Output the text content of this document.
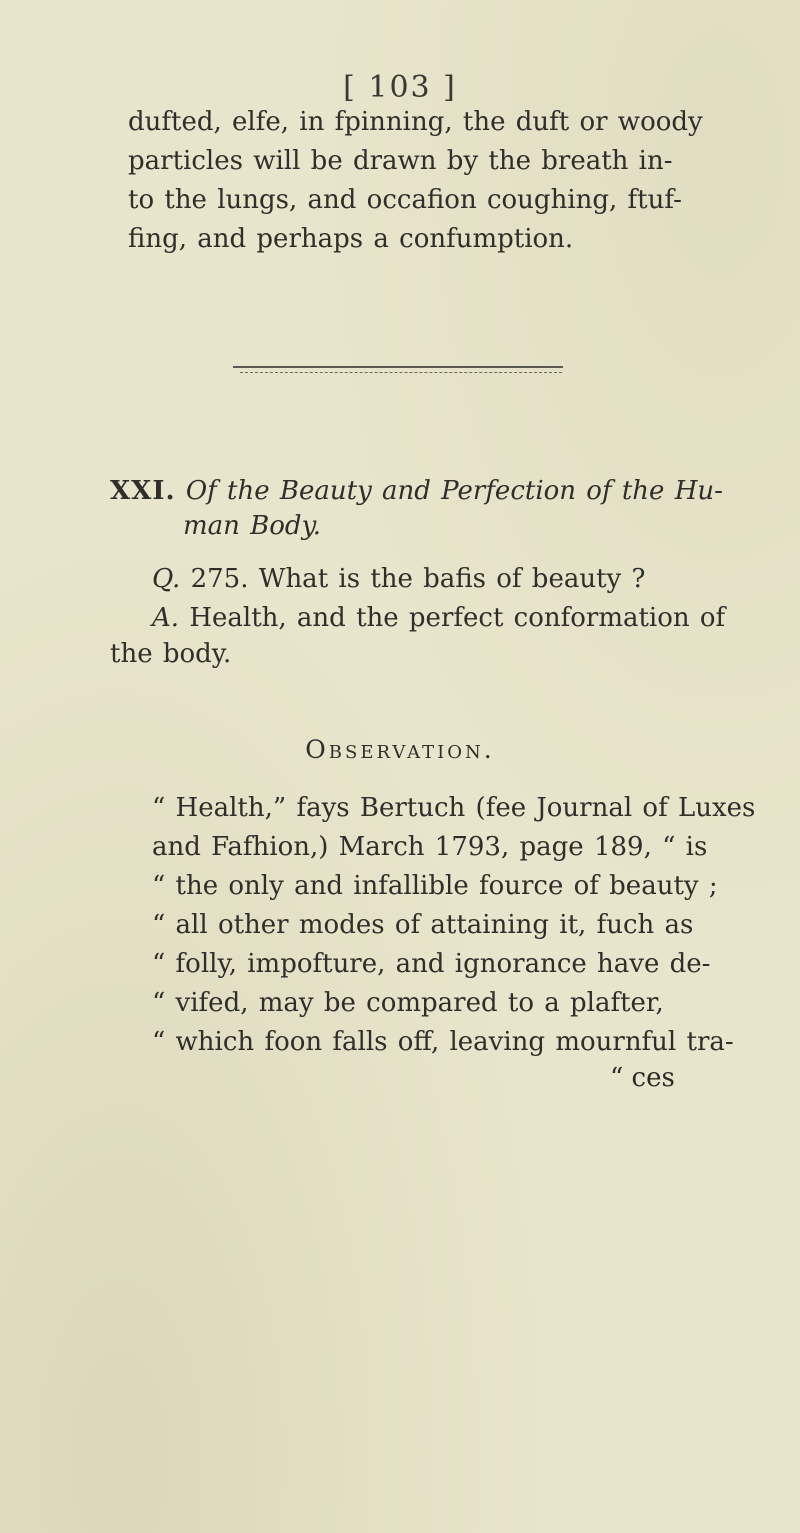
[ 103 ]
dufted, elfe, in fpinning, the duft or woody
particles will be drawn by the breath in-
to the lungs, and occafion coughing, ftuf-
fing, and perhaps a confumption.
XXI. Of the Beauty and Perfection of the Hu-
man Body.
Q. 275. What is the bafis of beauty ?
A. Health, and the perfect conformation of
the body.
Observation.
“ Health,” fays Bertuch (fee Journal of Luxes
and Fafhion,) March 1793, page 189, “ is
“ the only and infallible fource of beauty ;
“ all other modes of attaining it, fuch as
“ folly, impofture, and ignorance have de-
“ vifed, may be compared to a plafter,
“ which foon falls off, leaving mournful tra-
“ ces
